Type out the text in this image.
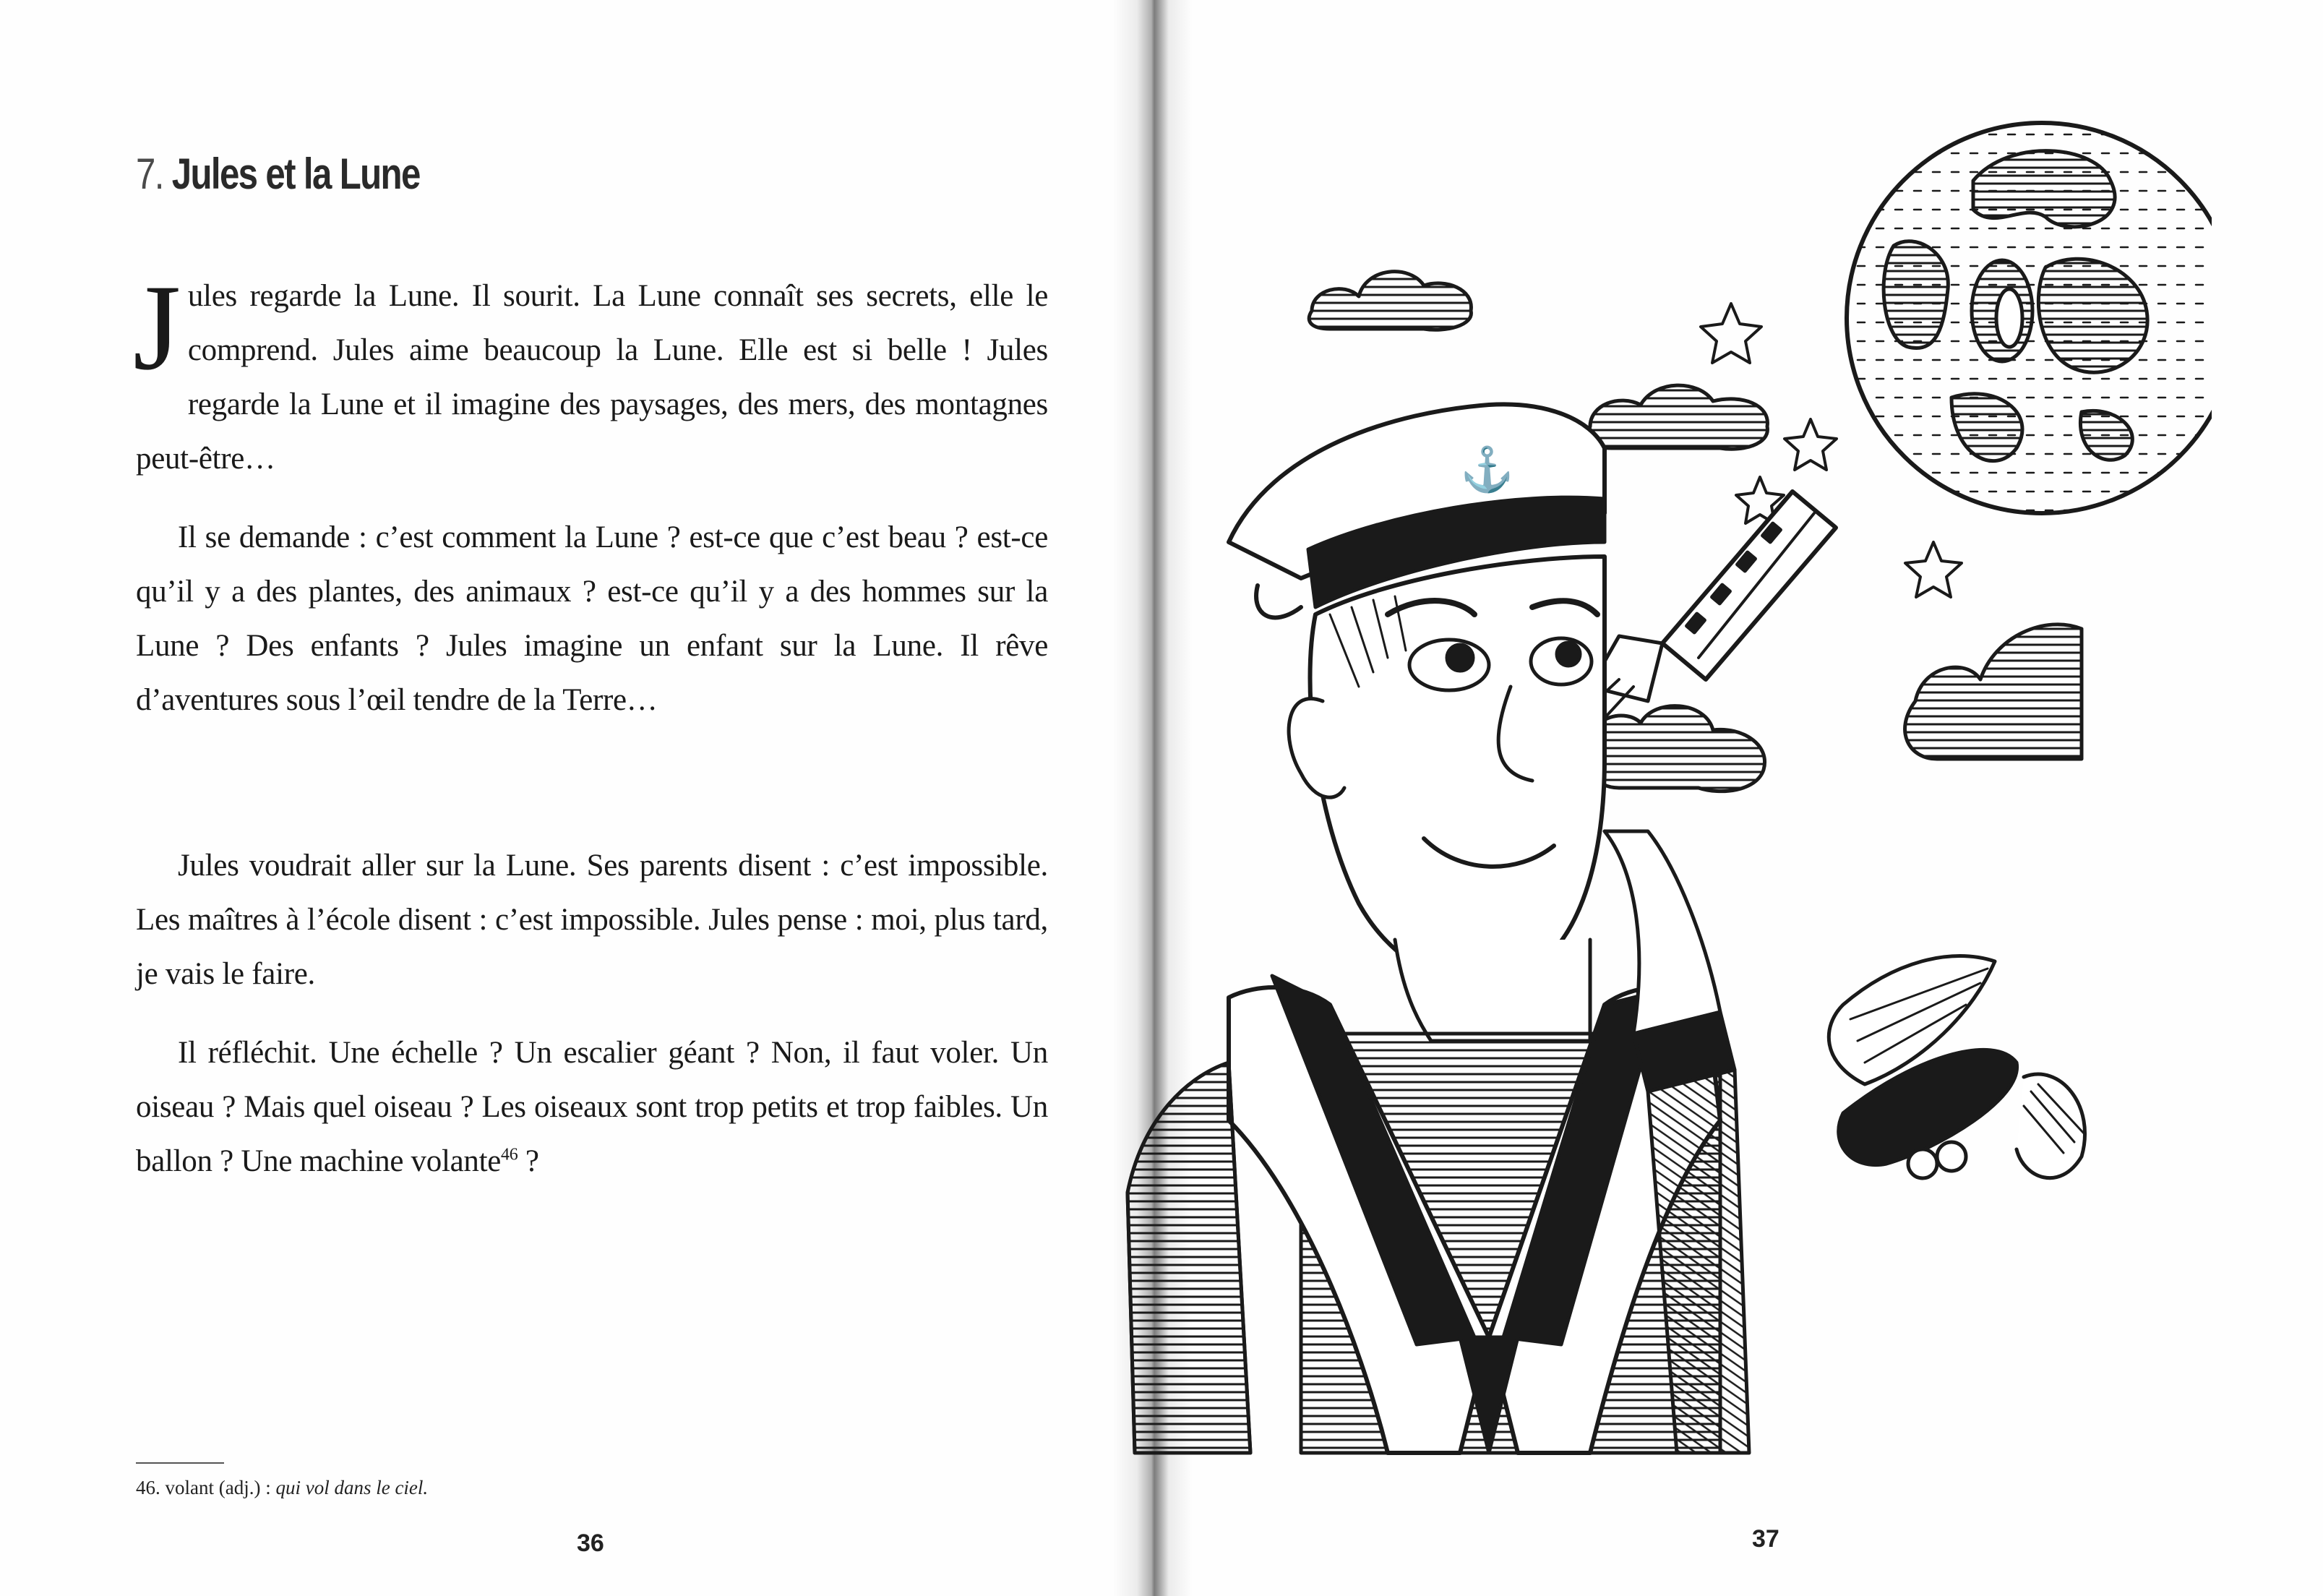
7. Jules et la Lune

Jules regarde la Lune. Il sourit. La Lune connaît ses secrets, elle le comprend. Jules aime beaucoup la Lune. Elle est si belle ! Jules regarde la Lune et il imagine des paysages, des mers, des montagnes peut-être…

Il se demande : c’est comment la Lune ? est-ce que c’est beau ? est-ce qu’il y a des plantes, des animaux ? est-ce qu’il y a des hommes sur la Lune ? Des enfants ? Jules imagine un enfant sur la Lune. Il rêve d’aventures sous l’œil tendre de la Terre…

Jules voudrait aller sur la Lune. Ses parents disent : c’est impossible. Les maîtres à l’école disent : c’est impossible. Jules pense : moi, plus tard, je vais le faire.

Il réfléchit. Une échelle ? Un escalier géant ? Non, il faut voler. Un oiseau ? Mais quel oiseau ? Les oiseaux sont trop petits et trop faibles. Un ballon ? Une machine volante$^{46}$ ?

46. volant (adj.) : qui vol dans le ciel.
36	37
⚓
